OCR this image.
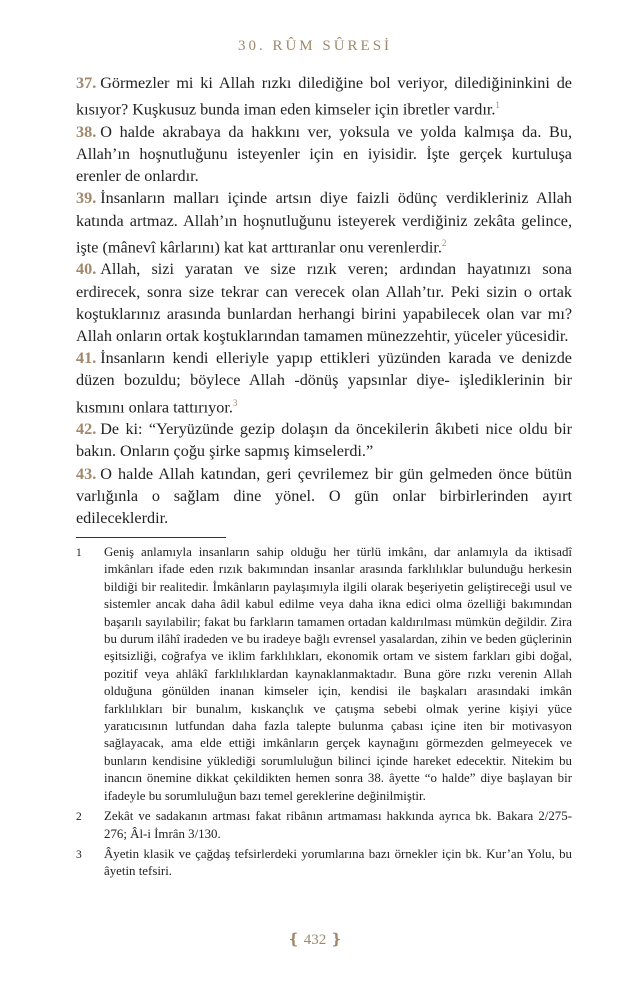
30. RÛM SÛRESİ

37. Görmezler mi ki Allah rızkı dilediğine bol veriyor, dilediğininkini de kısıyor? Kuşkusuz bunda iman eden kimseler için ibretler vardır.$^1$

38. O halde akrabaya da hakkını ver, yoksula ve yolda kalmışa da. Bu, Allah’ın hoşnutluğunu isteyenler için en iyisidir. İşte gerçek kurtuluşa erenler de onlardır.

39. İnsanların malları içinde artsın diye faizli ödünç verdikleriniz Allah katında artmaz. Allah’ın hoşnutluğunu isteyerek verdiğiniz zekâta gelince, işte (mânevî kârlarını) kat kat arttıranlar onu verenlerdir.$^2$

40. Allah, sizi yaratan ve size rızık veren; ardından hayatınızı sona erdirecek, sonra size tekrar can verecek olan Allah’tır. Peki sizin o ortak koştuklarınız arasında bunlardan herhangi birini yapabilecek olan var mı? Allah onların ortak koştuklarından tamamen münezzehtir, yüceler yücesidir.

41. İnsanların kendi elleriyle yapıp ettikleri yüzünden karada ve denizde düzen bozuldu; böylece Allah -dönüş yapsınlar diye- işlediklerinin bir kısmını onlara tattırıyor.$^3$

42. De ki: “Yeryüzünde gezip dolaşın da öncekilerin âkıbeti nice oldu bir bakın. Onların çoğu şirke sapmış kimselerdi.”

43. O halde Allah katından, geri çevrilemez bir gün gelmeden önce bütün varlığınla o sağlam dine yönel. O gün onlar birbirlerinden ayırt edileceklerdir.

1	Geniş anlamıyla insanların sahip olduğu her türlü imkânı, dar anlamıyla da iktisadî imkânları ifade eden rızık bakımından insanlar arasında farklılıklar bulunduğu herkesin bildiği bir realitedir. İmkânların paylaşımıyla ilgili olarak beşeriyetin geliştireceği usul ve sistemler ancak daha âdil kabul edilme veya daha ikna edici olma özelliği bakımından başarılı sayılabilir; fakat bu farkların tamamen ortadan kaldırılması mümkün değildir. Zira bu durum ilâhî iradeden ve bu iradeye bağlı evrensel yasalardan, zihin ve beden güçlerinin eşitsizliği, coğrafya ve iklim farklılıkları, ekonomik ortam ve sistem farkları gibi doğal, pozitif veya ahlâkî farklılıklardan kaynaklanmaktadır. Buna göre rızkı verenin Allah olduğuna gönülden inanan kimseler için, kendisi ile başkaları arasındaki imkân farklılıkları bir bunalım, kıskançlık ve çatışma sebebi olmak yerine kişiyi yüce yaratıcısının lutfundan daha fazla talepte bulunma çabası içine iten bir motivasyon sağlayacak, ama elde ettiği imkânların gerçek kaynağını görmezden gelmeyecek ve bunların kendisine yüklediği sorumluluğun bilinci içinde hareket edecektir. Nitekim bu inancın önemine dikkat çekildikten hemen sonra 38. âyette “o halde” diye başlayan bir ifadeyle bu sorumluluğun bazı temel gereklerine değinilmiştir.
2	Zekât ve sadakanın artması fakat ribânın artmaması hakkında ayrıca bk. Bakara 2/275-276; Âl-i İmrân 3/130.
3	Âyetin klasik ve çağdaş tefsirlerdeki yorumlarına bazı örnekler için bk. Kur’an Yolu, bu âyetin tefsiri.
❴ 432 ❵
